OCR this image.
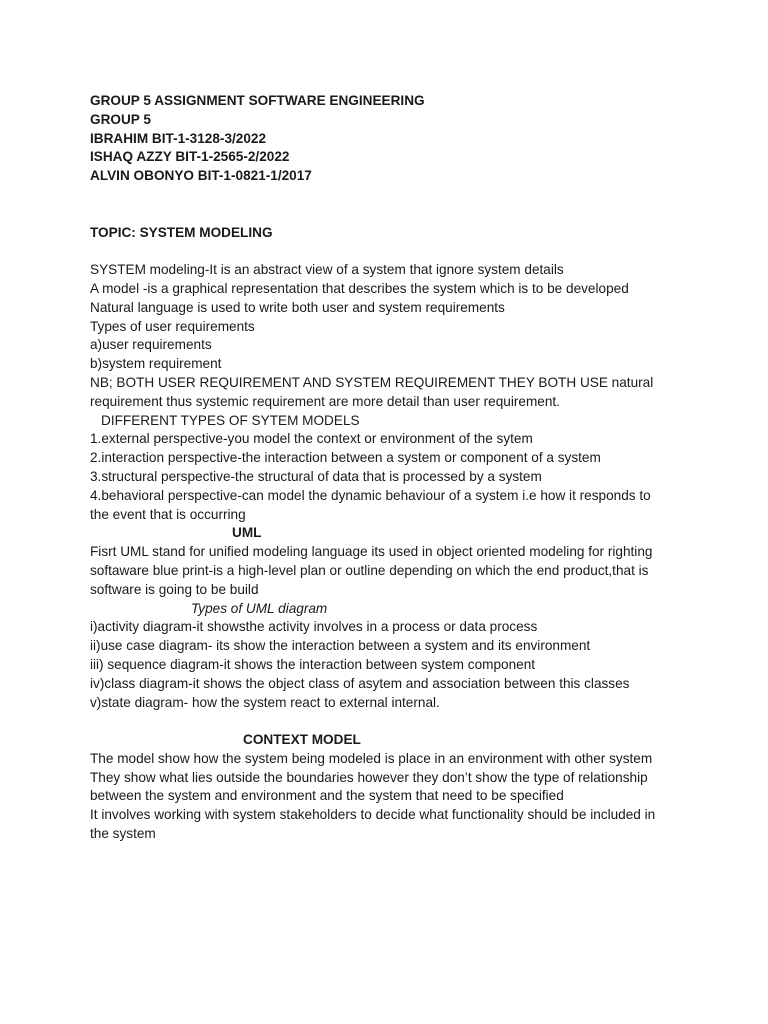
GROUP 5 ASSIGNMENT SOFTWARE ENGINEERING
GROUP 5
IBRAHIM BIT-1-3128-3/2022
ISHAQ AZZY BIT-1-2565-2/2022
ALVIN OBONYO BIT-1-0821-1/2017
TOPIC: SYSTEM MODELING
SYSTEM modeling-It is an abstract view of a system that ignore system details
A model -is a graphical representation that describes the system which is to be developed
Natural language is used to write both user and system requirements
Types of user requirements
a)user requirements
b)system requirement
NB; BOTH USER REQUIREMENT AND SYSTEM REQUIREMENT THEY BOTH USE natural
requirement thus systemic requirement are more detail than user requirement.
DIFFERENT TYPES OF SYTEM MODELS
1.external perspective-you model the context or environment of the sytem
2.interaction perspective-the interaction between a system or component of a system
3.structural perspective-the structural of data that is processed by a system
4.behavioral perspective-can model the dynamic behaviour of a system i.e how it responds to
the event that is occurring
UML
Fisrt UML stand for unified modeling language its used in object oriented modeling for righting
softaware blue print-is a high-level plan or outline depending on which the end product,that is
software is going to be build
Types of UML diagram
i)activity diagram-it showsthe activity involves in a process or data process
ii)use case diagram- its show the interaction between a system and its environment
iii) sequence diagram-it shows the interaction between system component
iv)class diagram-it shows the object class of asytem and association between this classes
v)state diagram- how the system react to external internal.
CONTEXT MODEL
The model show how the system being modeled is place in an environment with other system
They show what lies outside the boundaries however they don’t show the type of relationship
between the system and environment and the system that need to be specified
It involves working with system stakeholders to decide what functionality should be included in
the system
